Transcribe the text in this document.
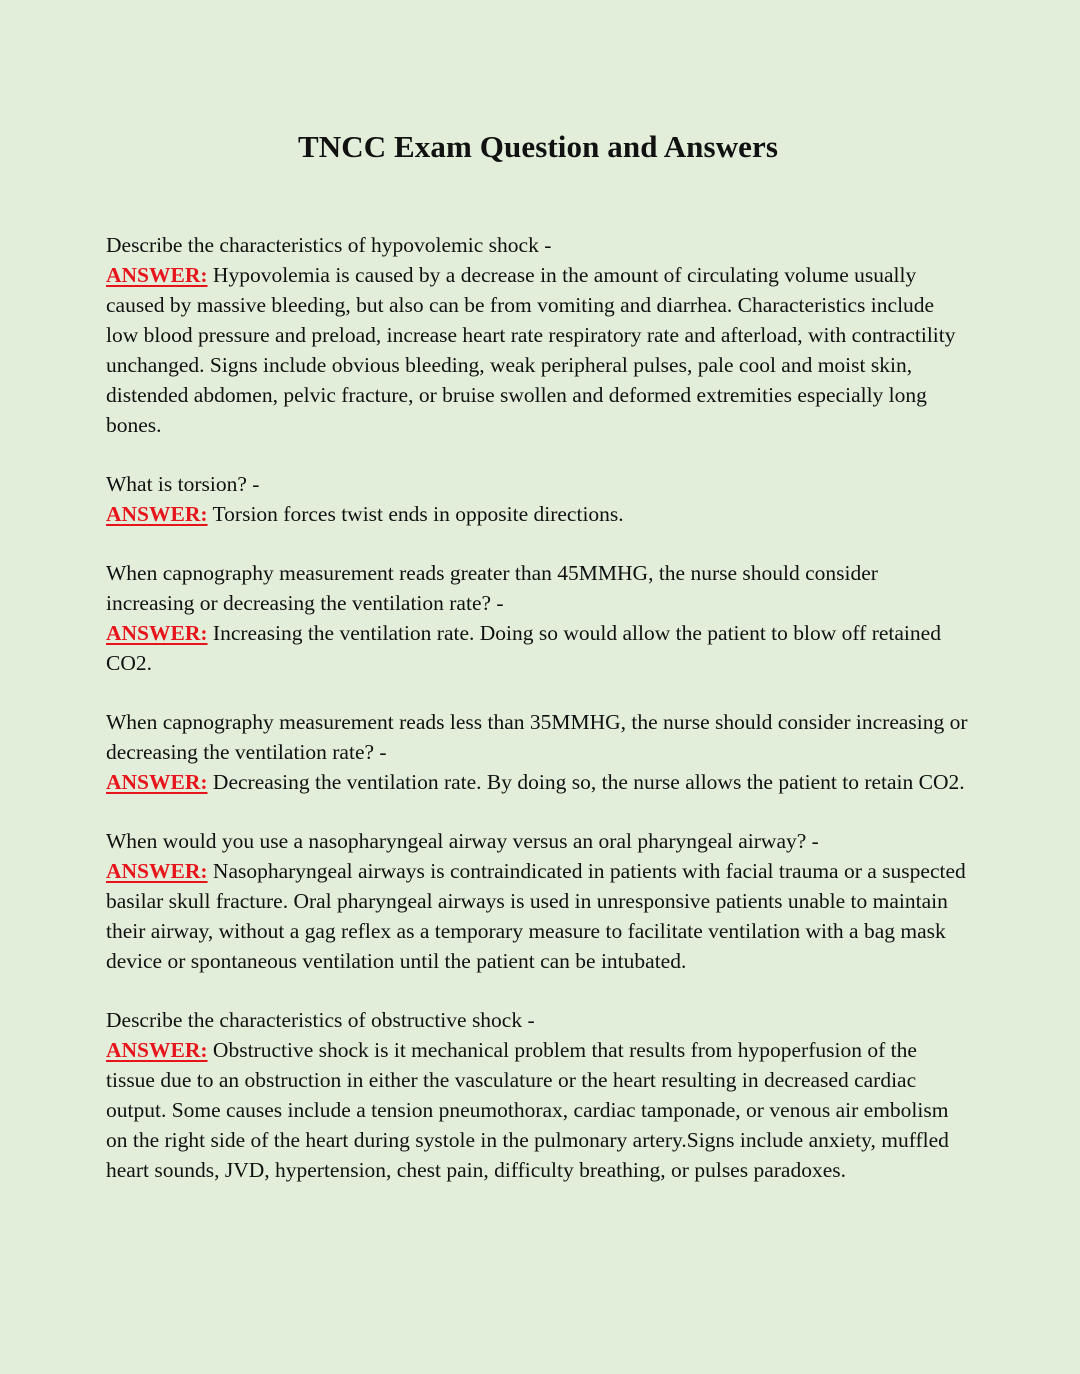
TNCC Exam Question and Answers

Describe the characteristics of hypovolemic shock -

ANSWER: Hypovolemia is caused by a decrease in the amount of circulating volume usually caused by massive bleeding, but also can be from vomiting and diarrhea. Characteristics include low blood pressure and preload, increase heart rate respiratory rate and afterload, with contractility unchanged. Signs include obvious bleeding, weak peripheral pulses, pale cool and moist skin, distended abdomen, pelvic fracture, or bruise swollen and deformed extremities especially long bones.

What is torsion? -

ANSWER: Torsion forces twist ends in opposite directions.

When capnography measurement reads greater than 45MMHG, the nurse should consider increasing or decreasing the ventilation rate? -

ANSWER: Increasing the ventilation rate. Doing so would allow the patient to blow off retained CO2.

When capnography measurement reads less than 35MMHG, the nurse should consider increasing or decreasing the ventilation rate? -

ANSWER: Decreasing the ventilation rate. By doing so, the nurse allows the patient to retain CO2.

When would you use a nasopharyngeal airway versus an oral pharyngeal airway? -

ANSWER: Nasopharyngeal airways is contraindicated in patients with facial trauma or a suspected basilar skull fracture. Oral pharyngeal airways is used in unresponsive patients unable to maintain their airway, without a gag reflex as a temporary measure to facilitate ventilation with a bag mask device or spontaneous ventilation until the patient can be intubated.

Describe the characteristics of obstructive shock -

ANSWER: Obstructive shock is it mechanical problem that results from hypoperfusion of the tissue due to an obstruction in either the vasculature or the heart resulting in decreased cardiac output. Some causes include a tension pneumothorax, cardiac tamponade, or venous air embolism on the right side of the heart during systole in the pulmonary artery.Signs include anxiety, muffled heart sounds, JVD, hypertension, chest pain, difficulty breathing, or pulses paradoxes.
